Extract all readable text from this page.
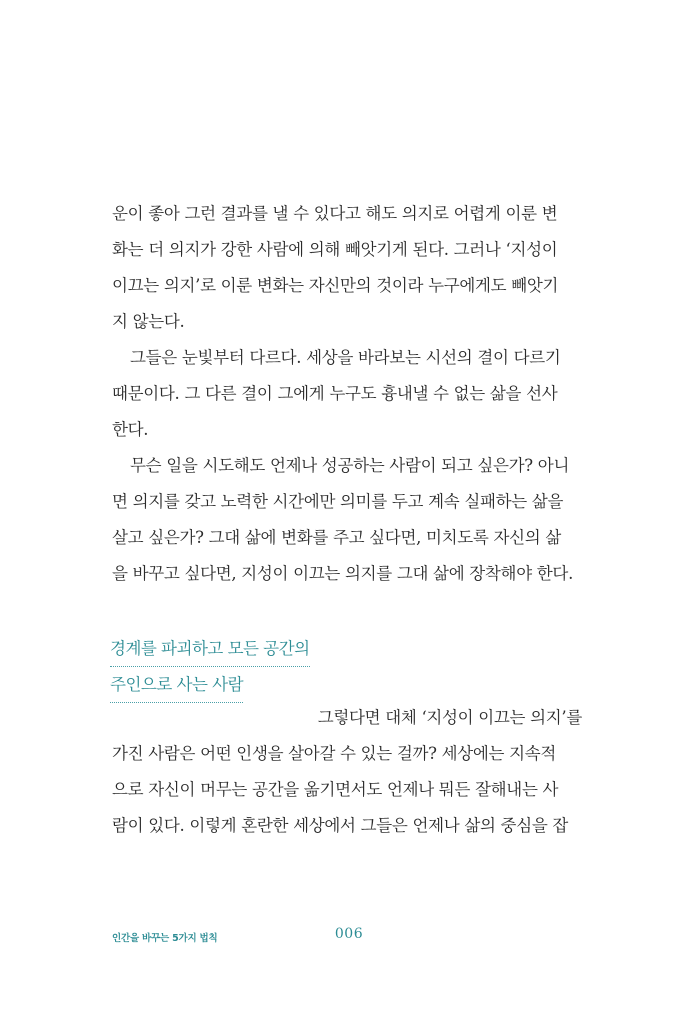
운이 좋아 그런 결과를 낼 수 있다고 해도 의지로 어렵게 이룬 변
화는 더 의지가 강한 사람에 의해 빼앗기게 된다. 그러나 ‘지성이
이끄는 의지’로 이룬 변화는 자신만의 것이라 누구에게도 빼앗기
지 않는다.
그들은 눈빛부터 다르다. 세상을 바라보는 시선의 결이 다르기
때문이다. 그 다른 결이 그에게 누구도 흉내낼 수 없는 삶을 선사
한다.
무슨 일을 시도해도 언제나 성공하는 사람이 되고 싶은가? 아니
면 의지를 갖고 노력한 시간에만 의미를 두고 계속 실패하는 삶을
살고 싶은가? 그대 삶에 변화를 주고 싶다면, 미치도록 자신의 삶
을 바꾸고 싶다면, 지성이 이끄는 의지를 그대 삶에 장착해야 한다.
경계를 파괴하고 모든 공간의
주인으로 사는 사람
그렇다면 대체 ‘지성이 이끄는 의지’를
가진 사람은 어떤 인생을 살아갈 수 있는 걸까? 세상에는 지속적
으로 자신이 머무는 공간을 옮기면서도 언제나 뭐든 잘해내는 사
람이 있다. 이렇게 혼란한 세상에서 그들은 언제나 삶의 중심을 잡
인간을 바꾸는 5가지 법칙	006
